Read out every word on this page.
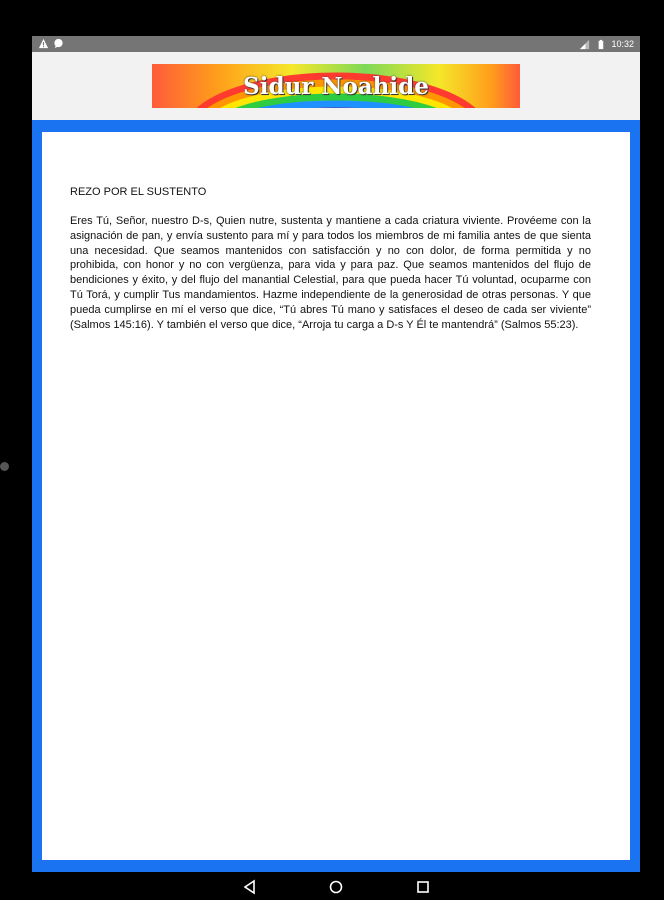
10:32
Sidur Noahide
REZO POR EL SUSTENTO

Eres Tú, Señor, nuestro D-s, Quien nutre, sustenta y mantiene a cada criatura viviente. Provéeme con la asignación de pan, y envía sustento para mí y para todos los miembros de mi familia antes de que sienta una necesidad. Que seamos mantenidos con satisfacción y no con dolor, de forma permitida y no prohibida, con honor y no con vergüenza, para vida y para paz. Que seamos mantenidos del flujo de bendiciones y éxito, y del flujo del manantial Celestial, para que pueda hacer Tú voluntad, ocuparme con Tú Torá, y cumplir Tus mandamientos. Hazme independiente de la generosidad de otras personas. Y que pueda cumplirse en mí el verso que dice, “Tú abres Tú mano y satisfaces el deseo de cada ser viviente” (Salmos 145:16). Y también el verso que dice, “Arroja tu carga a D-s Y Él te mantendrá” (Salmos 55:23).
